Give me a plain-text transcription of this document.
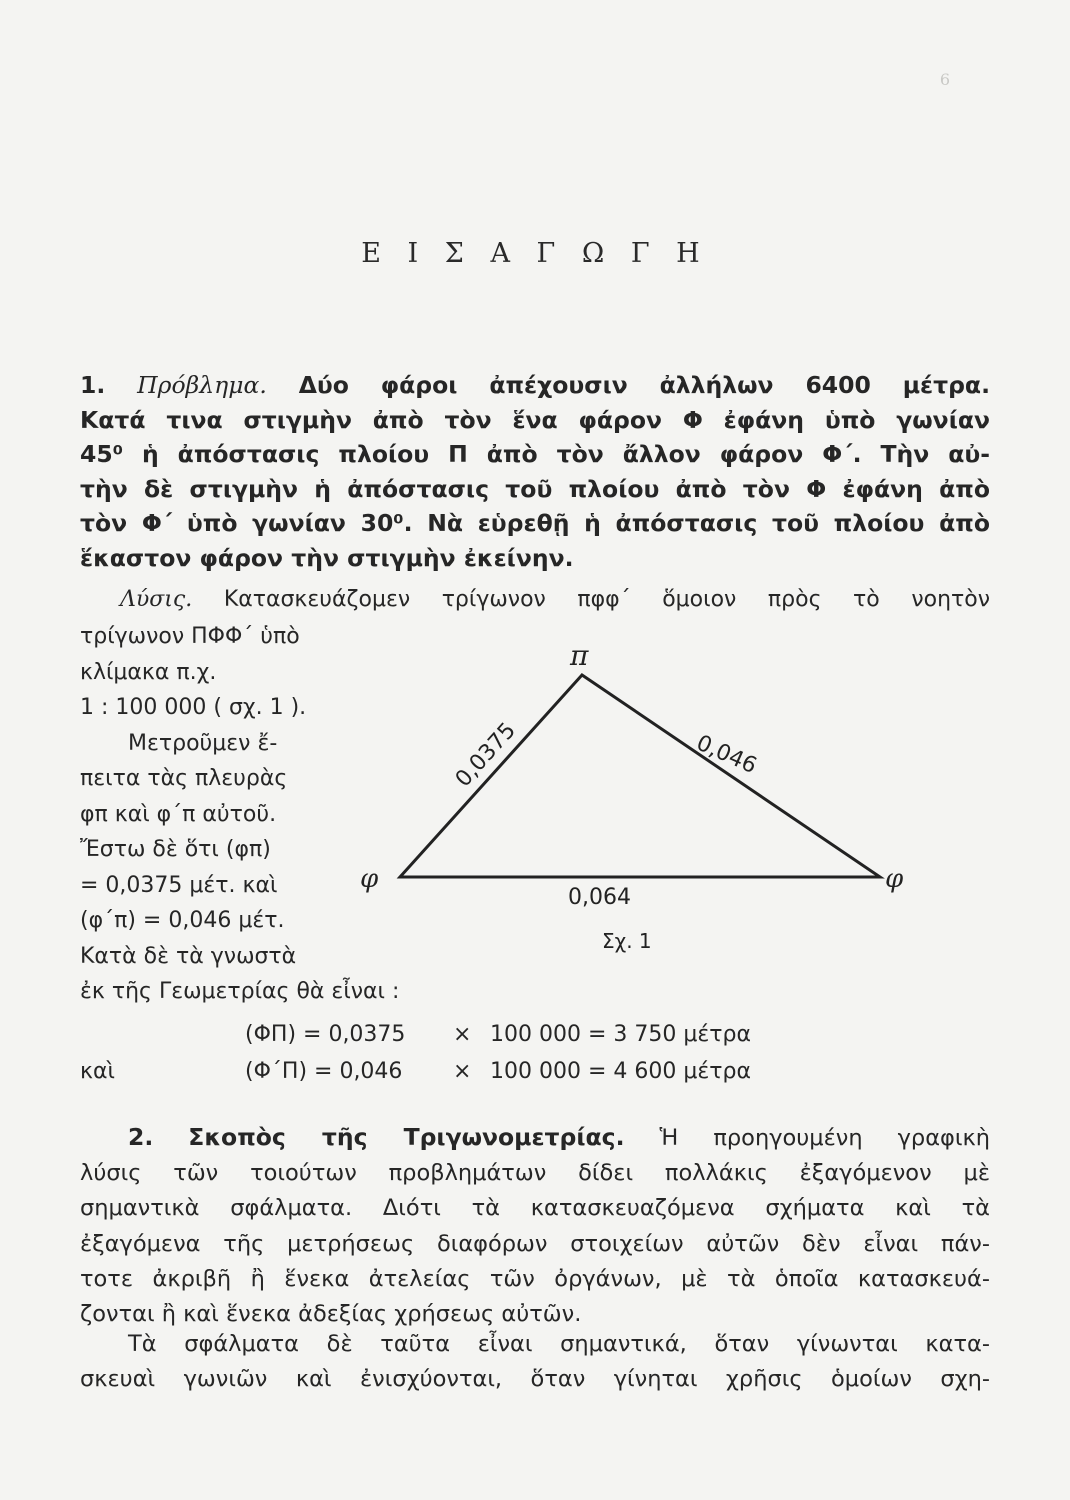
6
Ε Ι Σ Α Γ Ω Γ Η
1. Πρόβλημα. Δύο φάροι ἀπέχουσιν ἀλλήλων 6400 μέτρα.
Κατά τινα στιγμὴν ἀπὸ τὸν ἕνα φάρον Φ ἐφάνη ὑπὸ γωνίαν
45⁰ ἡ ἀπόστασις πλοίου Π ἀπὸ τὸν ἄλλον φάρον Φ΄. Τὴν αὐ-
τὴν δὲ στιγμὴν ἡ ἀπόστασις τοῦ πλοίου ἀπὸ τὸν Φ ἐφάνη ἀπὸ
τὸν Φ΄ ὑπὸ γωνίαν 30⁰. Νὰ εὑρεθῇ ἡ ἀπόστασις τοῦ πλοίου ἀπὸ
ἕκαστον φάρον τὴν στιγμὴν ἐκείνην.
Λύσις. Κατασκευάζομεν τρίγωνον πφφ΄ ὅμοιον πρὸς τὸ νοητὸν
τρίγωνον ΠΦΦ΄ ὑπὸ
κλίμακα π.χ.
1 : 100 000 ( σχ. 1 ).
Μετροῦμεν ἔ-
πειτα τὰς πλευρὰς
φπ καὶ φ΄π αὐτοῦ.
Ἔστω δὲ ὅτι (φπ)
= 0,0375 μέτ. καὶ
(φ΄π) = 0,046 μέτ.
Κατὰ δὲ τὰ γνωστὰ
ἐκ τῆς Γεωμετρίας θὰ εἶναι :
π
φ	φ
0,0375	0,046
0,064
Σχ. 1
(ΦΠ) = 0,0375 × 100 000 = 3 750 μέτρα
καὶ	(Φ΄Π) = 0,046 × 100 000 = 4 600 μέτρα
2. Σκοπὸς τῆς Τριγωνομετρίας. Ἡ προηγουμένη γραφικὴ
λύσις τῶν τοιούτων προβλημάτων δίδει πολλάκις ἐξαγόμενον μὲ
σημαντικὰ σφάλματα. Διότι τὰ κατασκευαζόμενα σχήματα καὶ τὰ
ἐξαγόμενα τῆς μετρήσεως διαφόρων στοιχείων αὐτῶν δὲν εἶναι πάν-
τοτε ἀκριβῆ ἢ ἕνεκα ἀτελείας τῶν ὀργάνων, μὲ τὰ ὁποῖα κατασκευά-
ζονται ἢ καὶ ἕνεκα ἀδεξίας χρήσεως αὐτῶν.
Τὰ σφάλματα δὲ ταῦτα εἶναι σημαντικά, ὅταν γίνωνται κατα-
σκευαὶ γωνιῶν καὶ ἐνισχύονται, ὅταν γίνηται χρῆσις ὁμοίων σχη-
